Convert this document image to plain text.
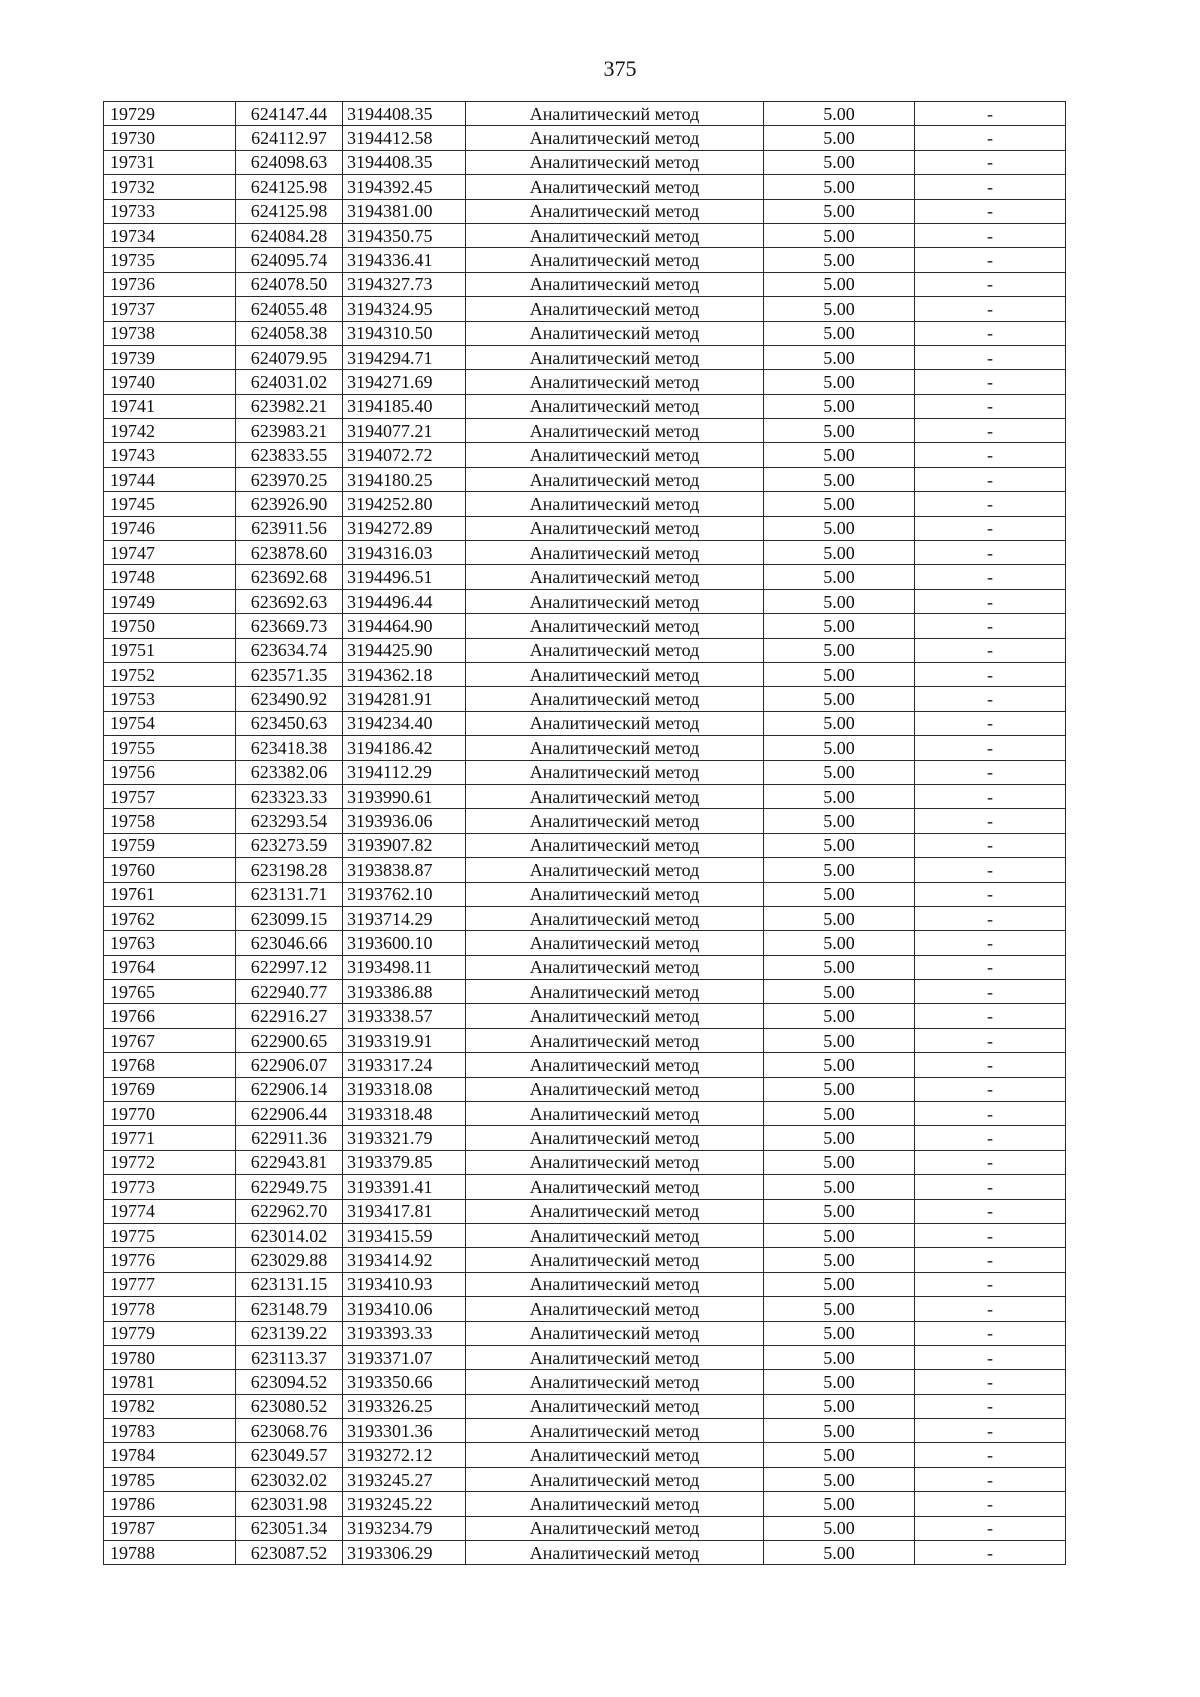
375
19729	624147.44	3194408.35	Аналитический метод	5.00	-
19730	624112.97	3194412.58	Аналитический метод	5.00	-
19731	624098.63	3194408.35	Аналитический метод	5.00	-
19732	624125.98	3194392.45	Аналитический метод	5.00	-
19733	624125.98	3194381.00	Аналитический метод	5.00	-
19734	624084.28	3194350.75	Аналитический метод	5.00	-
19735	624095.74	3194336.41	Аналитический метод	5.00	-
19736	624078.50	3194327.73	Аналитический метод	5.00	-
19737	624055.48	3194324.95	Аналитический метод	5.00	-
19738	624058.38	3194310.50	Аналитический метод	5.00	-
19739	624079.95	3194294.71	Аналитический метод	5.00	-
19740	624031.02	3194271.69	Аналитический метод	5.00	-
19741	623982.21	3194185.40	Аналитический метод	5.00	-
19742	623983.21	3194077.21	Аналитический метод	5.00	-
19743	623833.55	3194072.72	Аналитический метод	5.00	-
19744	623970.25	3194180.25	Аналитический метод	5.00	-
19745	623926.90	3194252.80	Аналитический метод	5.00	-
19746	623911.56	3194272.89	Аналитический метод	5.00	-
19747	623878.60	3194316.03	Аналитический метод	5.00	-
19748	623692.68	3194496.51	Аналитический метод	5.00	-
19749	623692.63	3194496.44	Аналитический метод	5.00	-
19750	623669.73	3194464.90	Аналитический метод	5.00	-
19751	623634.74	3194425.90	Аналитический метод	5.00	-
19752	623571.35	3194362.18	Аналитический метод	5.00	-
19753	623490.92	3194281.91	Аналитический метод	5.00	-
19754	623450.63	3194234.40	Аналитический метод	5.00	-
19755	623418.38	3194186.42	Аналитический метод	5.00	-
19756	623382.06	3194112.29	Аналитический метод	5.00	-
19757	623323.33	3193990.61	Аналитический метод	5.00	-
19758	623293.54	3193936.06	Аналитический метод	5.00	-
19759	623273.59	3193907.82	Аналитический метод	5.00	-
19760	623198.28	3193838.87	Аналитический метод	5.00	-
19761	623131.71	3193762.10	Аналитический метод	5.00	-
19762	623099.15	3193714.29	Аналитический метод	5.00	-
19763	623046.66	3193600.10	Аналитический метод	5.00	-
19764	622997.12	3193498.11	Аналитический метод	5.00	-
19765	622940.77	3193386.88	Аналитический метод	5.00	-
19766	622916.27	3193338.57	Аналитический метод	5.00	-
19767	622900.65	3193319.91	Аналитический метод	5.00	-
19768	622906.07	3193317.24	Аналитический метод	5.00	-
19769	622906.14	3193318.08	Аналитический метод	5.00	-
19770	622906.44	3193318.48	Аналитический метод	5.00	-
19771	622911.36	3193321.79	Аналитический метод	5.00	-
19772	622943.81	3193379.85	Аналитический метод	5.00	-
19773	622949.75	3193391.41	Аналитический метод	5.00	-
19774	622962.70	3193417.81	Аналитический метод	5.00	-
19775	623014.02	3193415.59	Аналитический метод	5.00	-
19776	623029.88	3193414.92	Аналитический метод	5.00	-
19777	623131.15	3193410.93	Аналитический метод	5.00	-
19778	623148.79	3193410.06	Аналитический метод	5.00	-
19779	623139.22	3193393.33	Аналитический метод	5.00	-
19780	623113.37	3193371.07	Аналитический метод	5.00	-
19781	623094.52	3193350.66	Аналитический метод	5.00	-
19782	623080.52	3193326.25	Аналитический метод	5.00	-
19783	623068.76	3193301.36	Аналитический метод	5.00	-
19784	623049.57	3193272.12	Аналитический метод	5.00	-
19785	623032.02	3193245.27	Аналитический метод	5.00	-
19786	623031.98	3193245.22	Аналитический метод	5.00	-
19787	623051.34	3193234.79	Аналитический метод	5.00	-
19788	623087.52	3193306.29	Аналитический метод	5.00	-
